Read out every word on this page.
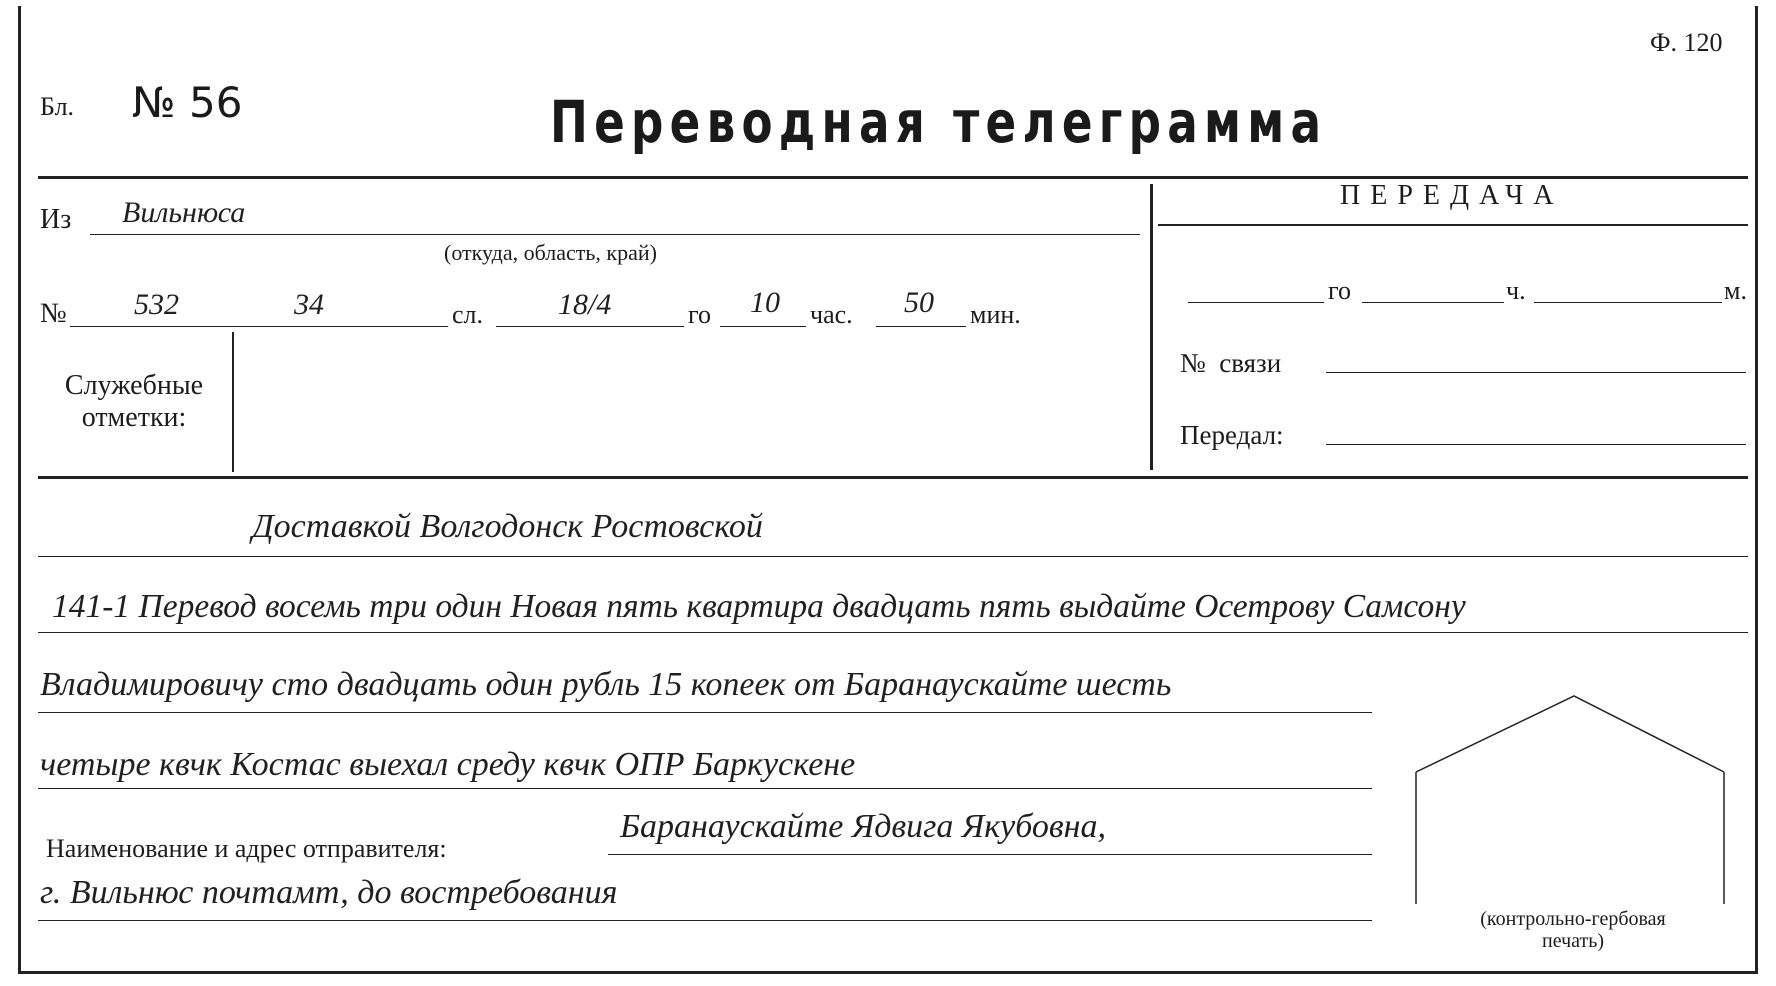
Ф. 120
Бл. № 56	Переводная телеграмма
Из Вильнюса
(откуда, область, край)
№ 532	34	сл. 18/4	го 10 час. 50 мин.
Служебные отметки:
ПЕРЕДАЧА
го	ч.	м.
№  связи
Передал:
Доставкой Волгодонск Ростовской
141-1 Перевод восемь три один Новая пять квартира двадцать пять выдайте Осетрову Самсону
Владимировичу сто двадцать один рубль 15 копеек от Баранаускайте шесть
четыре квчк Костас выехал среду квчк ОПР Баркускене
Наименование и адрес отправителя:
Баранаускайте Ядвига Якубовна,
г. Вильнюс почтамт, до востребования
(контрольно-гербовая
печать)
